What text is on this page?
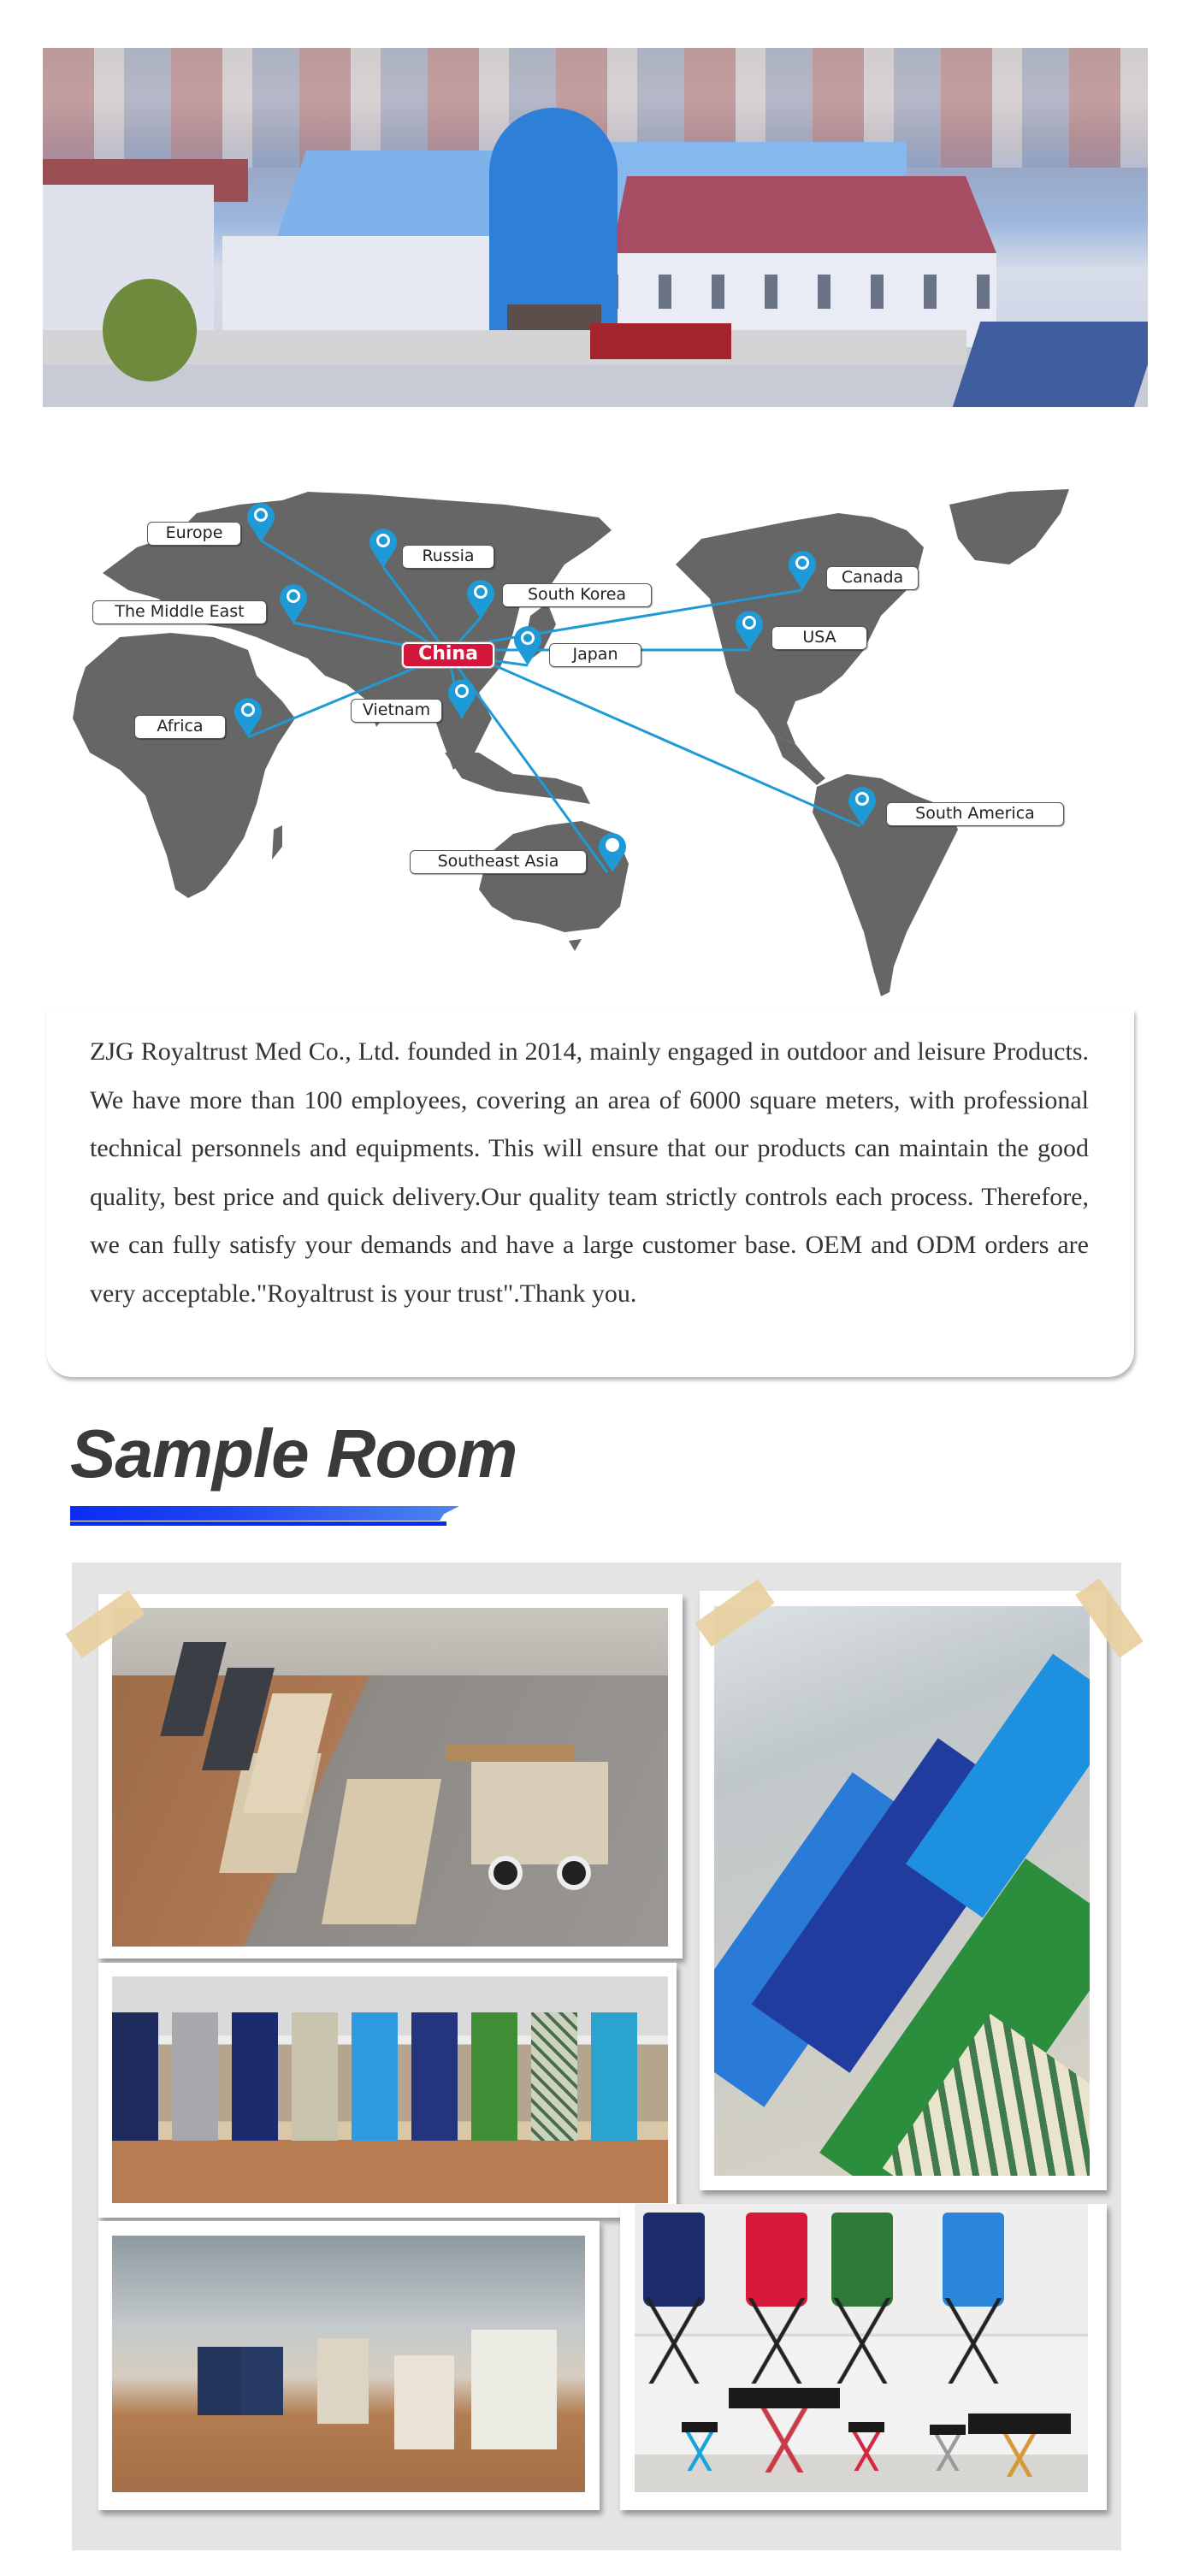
Europe
Russia
The Middle East
South Korea
Japan
Africa
Vietnam
Southeast Asia
Canada
USA
South America
China

ZJG Royaltrust Med Co., Ltd. founded in 2014, mainly engaged in outdoor and leisure Products. We have more than 100 employees, covering an area of 6000 square meters, with professional technical personnels and equipments. This will ensure that our products can maintain the good quality, best price and quick delivery.Our quality team strictly controls each process. Therefore, we can fully satisfy your demands and have a large customer base. OEM and ODM orders are very acceptable."Royaltrust is your trust".Thank you.

Sample Room
